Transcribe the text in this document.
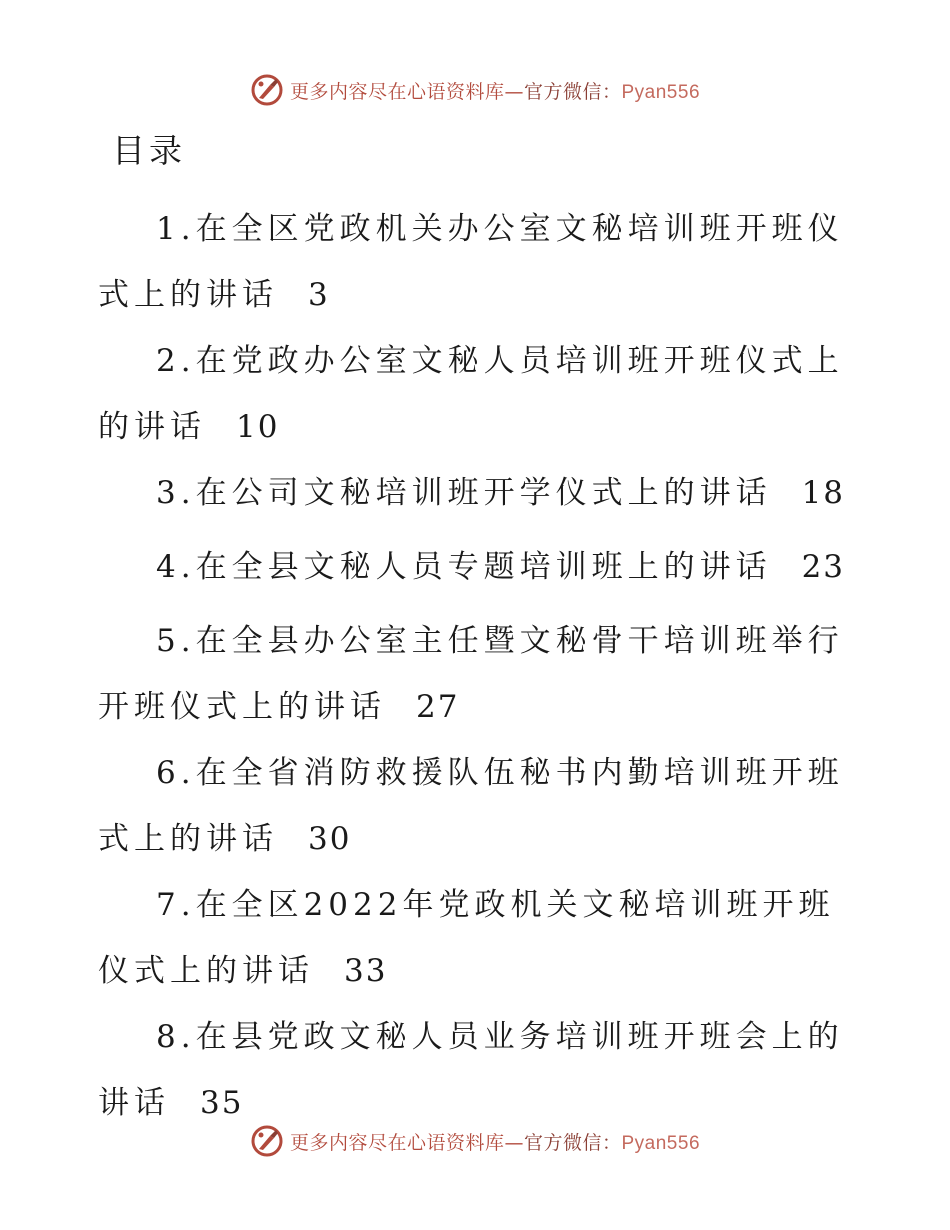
更多内容尽在心语资料库—官方微信：Pyan556
目录
1.在全区党政机关办公室文秘培训班开班仪式上的讲话 3
2.在党政办公室文秘人员培训班开班仪式上的讲话 10
3.在公司文秘培训班开学仪式上的讲话 18
4.在全县文秘人员专题培训班上的讲话 23
5.在全县办公室主任暨文秘骨干培训班举行开班仪式上的讲话 27
6.在全省消防救援队伍秘书内勤培训班开班式上的讲话 30
7.在全区2022年党政机关文秘培训班开班仪式上的讲话 33
8.在县党政文秘人员业务培训班开班会上的讲话 35
更多内容尽在心语资料库—官方微信：Pyan556
